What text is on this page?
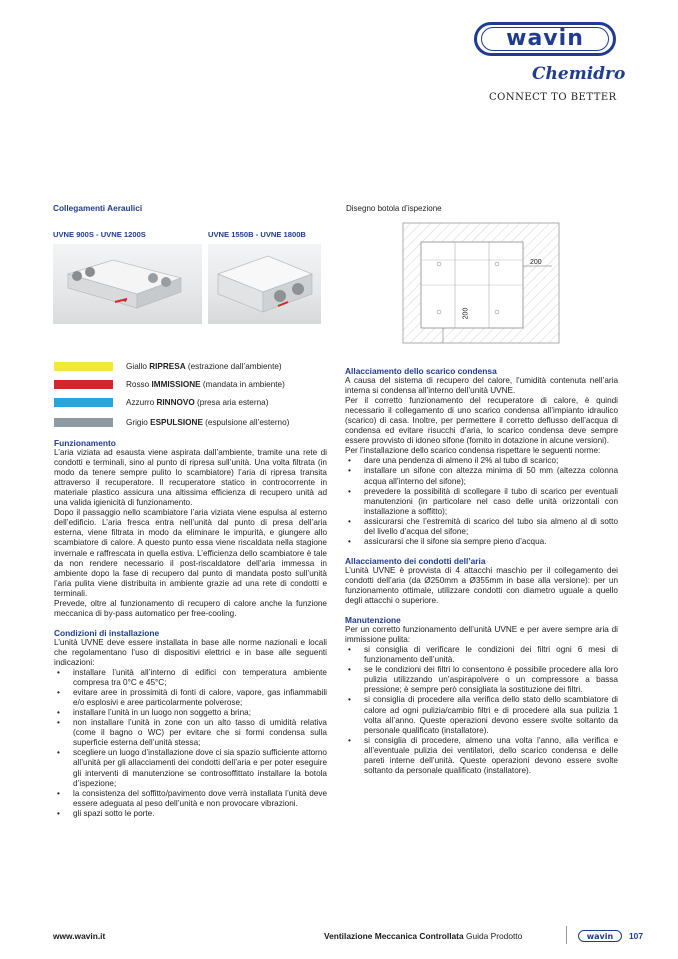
wavin
Chemidro
CONNECT TO BETTER
Collegamenti Aeraulici
UVNE 900S - UVNE 1200S	UVNE 1550B - UVNE 1800B
Disegno botola d’ispezione
200
200
Giallo RIPRESA (estrazione dall’ambiente)
Rosso IMMISSIONE (mandata in ambiente)
Azzurro RINNOVO (presa aria esterna)
Grigio ESPULSIONE (espulsione all’esterno)

Funzionamento

L’aria viziata ad esausta viene aspirata dall’ambiente, tramite una rete di condotti e terminali, sino al punto di ripresa sull’unità. Una volta filtrata (in modo da tenere sempre pulito lo scambiatore) l’aria di ripresa transita attraverso il recuperatore. Il recuperatore statico in controcorrente in materiale plastico assicura una altissima efficienza di recupero unità ad una valida igienicità di funzionamento.

Dopo il passaggio nello scambiatore l’aria viziata viene espulsa al esterno dell’edificio. L’aria fresca entra nell’unità dal punto di presa dell’aria esterna, viene filtrata in modo da eliminare le impurità, e giungere allo scambiatore di calore. A questo punto essa viene riscaldata nella stagione invernale e raffrescata in quella estiva. L’efficienza dello scambiatore è tale da non rendere necessario il post-riscaldatore dell’aria immessa in ambiente dopo la fase di recupero dal punto di mandata posto sull’unità l’aria pulita viene distribuita in ambiente grazie ad una rete di condotti e terminali.

Prevede, oltre al funzionamento di recupero di calore anche la funzione meccanica di by-pass automatico per free-cooling.

Condizioni di installazione

L’unità UVNE deve essere installata in base alle norme nazionali e locali che regolamentano l’uso di dispositivi elettrici e in base alle seguenti indicazioni:

• installare l’unità all’interno di edifici con temperatura ambiente compresa tra 0°C e 45°C;
• evitare aree in prossimità di fonti di calore, vapore, gas infiammabili e/o esplosivi e aree particolarmente polverose;
• installare l’unità in un luogo non soggetto a brina;
• non installare l’unità in zone con un alto tasso di umidità relativa (come il bagno o WC) per evitare che si formi condensa sulla superficie esterna dell’unità stessa;
• scegliere un luogo d’installazione dove ci sia spazio sufficiente attorno all’unità per gli allacciamenti dei condotti dell’aria e per poter eseguire gli interventi di manutenzione se controsoffittato installare la botola d’ispezione;
• la consistenza del soffitto/pavimento dove verrà installata l’unità deve essere adeguata al peso dell’unità e non provocare vibrazioni.
• gli spazi sotto le porte.

Allacciamento dello scarico condensa

A causa del sistema di recupero del calore, l’umidità contenuta nell’aria interna si condensa all’interno dell’unità UVNE.

Per il corretto funzionamento del recuperatore di calore, è quindi necessario il collegamento di uno scarico condensa all’impianto idraulico (scarico) di casa. Inoltre, per permettere il corretto deflusso dell’acqua di condensa ed evitare risucchi d’aria, lo scarico condensa deve sempre essere provvisto di idoneo sifone (fornito in dotazione in alcune versioni).

Per l’installazione dello scarico condensa rispettare le seguenti norme:

• dare una pendenza di almeno il 2% al tubo di scarico;
• installare un sifone con altezza minima di 50 mm (altezza colonna acqua all’interno del sifone);
• prevedere la possibilità di scollegare il tubo di scarico per eventuali manutenzioni (in particolare nel caso delle unità orizzontali con installazione a soffitto);
• assicurarsi che l’estremità di scarico del tubo sia almeno al di sotto del livello d’acqua del sifone;
• assicurarsi che il sifone sia sempre pieno d’acqua.

Allacciamento dei condotti dell’aria

L’unità UVNE è provvista di 4 attacchi maschio per il collegamento dei condotti dell’aria (da Ø250mm a Ø355mm in base alla versione): per un funzionamento ottimale, utilizzare condotti con diametro uguale a quello degli attacchi o superiore.

Manutenzione

Per un corretto funzionamento dell’unità UVNE e per avere sempre aria di immissione pulita:

• si consiglia di verificare le condizioni dei filtri ogni 6 mesi di funzionamento dell’unità.
• se le condizioni dei filtri lo consentono è possibile procedere alla loro pulizia utilizzando un’aspirapolvere o un compressore a bassa pressione; è sempre però consigliata la sostituzione dei filtri.
• si consiglia di procedere alla verifica dello stato dello scambiatore di calore ad ogni pulizia/cambio filtri e di procedere alla sua pulizia 1 volta all’anno. Queste operazioni devono essere svolte soltanto da personale qualificato (installatore).
• si consiglia di procedere, almeno una volta l’anno, alla verifica e all’eventuale pulizia dei ventilatori, dello scarico condensa e delle pareti interne dell’unità. Queste operazioni devono essere svolte soltanto da personale qualificato (installatore).
www.wavin.it	Ventilazione Meccanica Controllata Guida Prodotto	wavin	107
